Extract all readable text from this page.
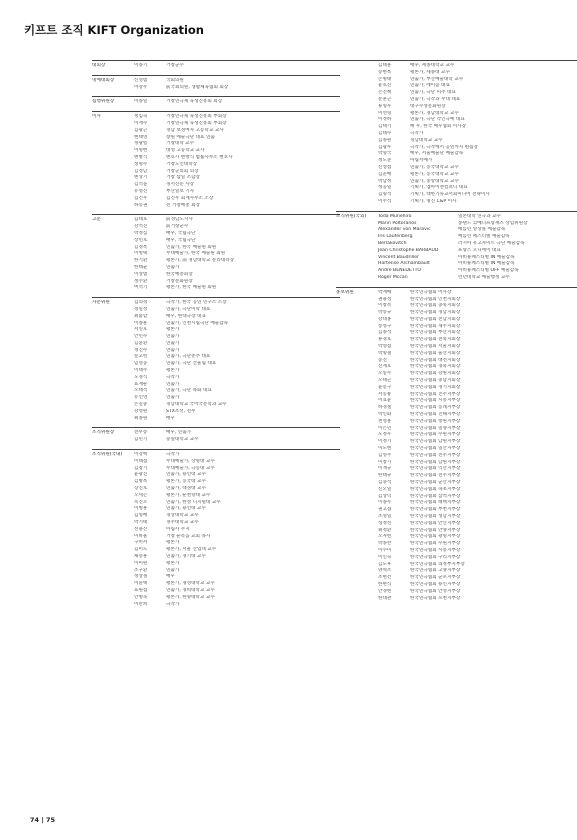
키프트 조직 KIFT Organization
대회장	이종기	거창군수
명예대회장	신성범	국회의원
이강두	前국회의원, 생활체육협회 회장
집행위원장	이종일	거창연극제 육성진흥회 회장
이사	정임숙	거창연극제 육성진흥회 부회장
이재수	거창연극제 육성진흥회 부회장
김광근	경남 보성여자 고등학교 교사
현태영	창원 예술극단 대표 연출
정광렬	거창대학 교수
이명현	대성 고등학교 교사
변방식	변호사 변방식 법률사무소 변호사
성명수	거창노인대학장
김정남	거창군의회 의장
변상기	거창 삼일 조합장
김석돌	경서신문 사장
유영신	부산일보 기자
김건우	김건우 회계사무소 소장
하동권	전 거창예총 회장
고문	김태호	前경남도지사
강석진	前거창군수
박정심	배우, 국립극단
장민호	배우, 국립극단
김정옥	연출가, 한국 예술원 회원
이병택	무대예술가, 한국 예술원 회원
한기환	평론가, 前 경남대학교 문리대학장
한태균	연출가
이상범	한국예총회장
정주환	거창문화원장
여석기	평론가, 한국 예술원 회원
자문위원	김의경	극작가, 한국 공연 연구소 소장
정일성	연출가, 극단미학 대표
최불암	배우, 현대극장 대표
이종훈	연출가, 인천시립극단 예술감독
서연호	평론가
안민수	연출가
김윤환	연출가
정진수	연출가
문고헌	연출가, 극단춘추 대표
임영웅	연출가, 극단 산울림 대표
이태주	평론가
노경식	극작가
표재순	연출가
오태석	연출가, 극단 목화 대표
유인영	연출가
손길중	경남대학교 국어국문학과 교수
강영원	STX조선, 전무
최종원	배우
조직위원장	전무송	배우, 연출가
김민기	숭실대학교 교수
조직위원(국내)	이강백	극작가
이태섭	무대예술가, 상명대 교수
김창기	무대예술가, 극동대 교수
윤광진	연출가, 용인대 교수
김방옥	평론가, 동국대 교수
장진호	연출가, 대경대 교수
오세곤	평론가, 순천향대 교수
복진오	연출가, 한성 디지털대 교수
이병훈	연출가, 용인대 교수
김형배	경상대학교 교수
박기태	경주대학교 교수
선용신	아림사 주지
이바울	거창 순복음 교회 목사
구히서	평론가
김미도	평론가, 서울 산업대 교수
채승훈	연출가, 경기대 교수
이미원	평론가
조구환	연출가
정상철	배우
이윤택	평론가, 경성대학교 교수
표원섭	연출가, 경희대학교 교수
안병욱	평론가, 한양대학교 교수
이만희	극작가
김태훈	배우, 세종대학교 교수
송현옥	평론가, 세종대 교수
손병태	연출가, 부산예술대학 교수
윤호진	연출가, 에이콤 대표
손진책	연출가, 극단 미추 대표
문훈근	연출가, 극작과 무대 대표
류형우	대구수성문화원장
이선형	평론가, 경남대학교 교수
이정하	연출가, 극단 각인극예 대표
김태기	배 우, 한국 배우협회 이사장
김태수	극작가
김종원	경남대학교 교수
김광우	극작가, 극작에서 공연까지 편집장
박형국	배우, 서울예술단 예술감독
정도준	아림서예가
신영섭	연출가, 동국대학교 교수
김준배	평론가, 동국대학교 교수
박남정	연출가, 중앙대학교 교수
정웅일	기획가, 엠아이엔컴퍼니 대표
김형석	기획가, 대한기독교서회미디어 전략이사
이주석	기획가, 명진 C&P 이사
조직위원(국외)	Toda Munehiro	일본대학 연극과 교수
Marin Poltoranos	몽탠드 코메디프랑세즈 상임위원장
Alexander von Maravic	베를린 앙상블 예술감독
Iris Laufenberg	베를린 페스티벌 예술감독
Berlakovitch	러시아 유고자미트 극단 예술감독
Jean Christophe BARBAUD	프랑스 오디에이 대표
Vincent Baudriller	아비뇽페스티벌 IN 예술감독
Hortense Archambault	아비뇽페스티벌 IN 예술감독
Andre BENEDETTO	아비뇽페스티벌 OFF 예술감독
Roger Mccan	런던대학교 예술행정 교수
홍보위원	박계배	한국연극협회 이사장
권용성	한국연극협회 인천지회장
이창복	한국연극협회 충북지회장
박승규	한국연극협회 경남지회장
강대홍	한국연극협회 전남지회장
송영구	한국연극협회 제주지회장
김종석	한국연극협회 부산지회장
류경호	한국연극협회 전북지회장
박영섭	한국연극협회 서울지회장
박형철	한국연극협회 울산지회장
송진	한국연극협회 대전지회장
신재호	한국연극협회 경북지회장
오일주	한국연극협회 강원지회장
오태근	한국연극협회 충남지회장
윤봉구	한국연극협회 경기지회장
서동룡	한국연극협회 진주지부장
이효윤	한국연극협회 시흥지부장
하경철	한국연극협회 동래지부장
박인화	한국연극협회 진해지부장
천영훈	한국연극협회 창원지부장
이은민	한국연극협회 밀양지부장
노정우	한국연극협회 수원지부장
이정기	한국연극협회 남원지부장
이도현	한국연극협회 일산지부장
김영주	한국연극협회 전주지부장
이창기	한국연극협회 남원지부장
이재규	한국연극협회 익산지부장
한태규	한국연극협회 전주지부장
김충석	한국연극협회 군산지부장
신오일	한국연극협회 속초지부장
김상덕	한국연극협회 삼척지부장
이종두	한국연극협회 태백지부장
권고섭	한국연극협회 부천지부장
조성일	한국연극협회 성남지부장
성정선	한국연극협회 안산지부장
최정환	한국연극협회 안양지부장
오자헌	한국연극협회 광명지부장
박종찬	한국연극협회 수원지부장
이수미	한국연극협회 시흥지부장
이인숙	한국연극협회 구리지부장
김도후	한국연극협회 의정부지부장
양혁조	한국연극협회 고양지부장
조현건	한국연극협회 군포지부장
한현식	한국연극협회 용인지부장
안경현	한국연극협회 안성지부장
한대관	한국연극협회 포천지부장
74 | 75
